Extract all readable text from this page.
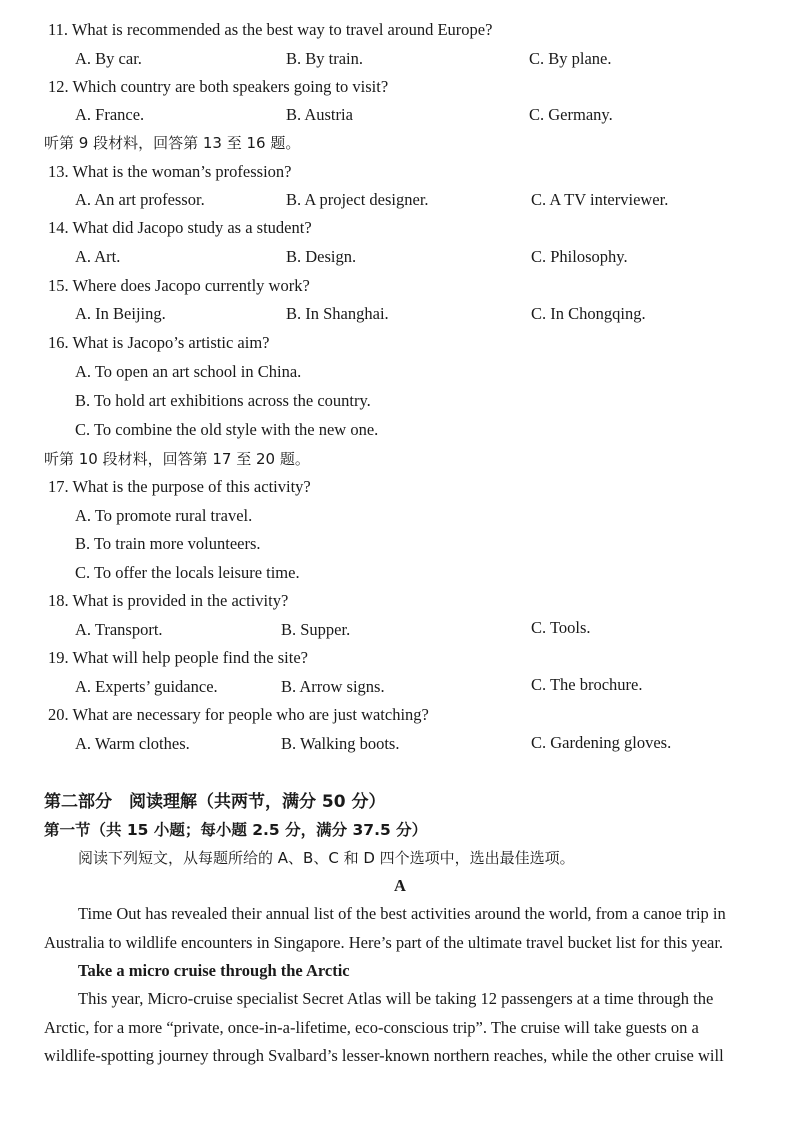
11. What is recommended as the best way to travel around Europe?
A. By car.	B. By train.	C. By plane.
12. Which country are both speakers going to visit?
A. France.	B. Austria	C. Germany.
听第 9 段材料，回答第 13 至 16 题。
13. What is the woman’s profession?
A. An art professor.	B. A project designer.	C. A TV interviewer.
14. What did Jacopo study as a student?
A. Art.	B. Design.	C. Philosophy.
15. Where does Jacopo currently work?
A. In Beijing.	B. In Shanghai.	C. In Chongqing.
16. What is Jacopo’s artistic aim?
A. To open an art school in China.
B. To hold art exhibitions across the country.
C. To combine the old style with the new one.
听第 10 段材料，回答第 17 至 20 题。
17. What is the purpose of this activity?
A. To promote rural travel.
B. To train more volunteers.
C. To offer the locals leisure time.
18. What is provided in the activity?
A. Transport.	B. Supper.	C. Tools.
19. What will help people find the site?
A. Experts’ guidance.	B. Arrow signs.	C. The brochure.
20. What are necessary for people who are just watching?
A. Warm clothes.	B. Walking boots.	C. Gardening gloves.
第二部分　阅读理解（共两节，满分 50 分）
第一节（共 15 小题；每小题 2.5 分，满分 37.5 分）
阅读下列短文，从每题所给的 A、B、C 和 D 四个选项中，选出最佳选项。
A
Time Out has revealed their annual list of the best activities around the world, from a canoe trip in
Australia to wildlife encounters in Singapore. Here’s part of the ultimate travel bucket list for this year.
Take a micro cruise through the Arctic
This year, Micro-cruise specialist Secret Atlas will be taking 12 passengers at a time through the
Arctic, for a more “private, once-in-a-lifetime, eco-conscious trip”. The cruise will take guests on a
wildlife-spotting journey through Svalbard’s lesser-known northern reaches, while the other cruise will
